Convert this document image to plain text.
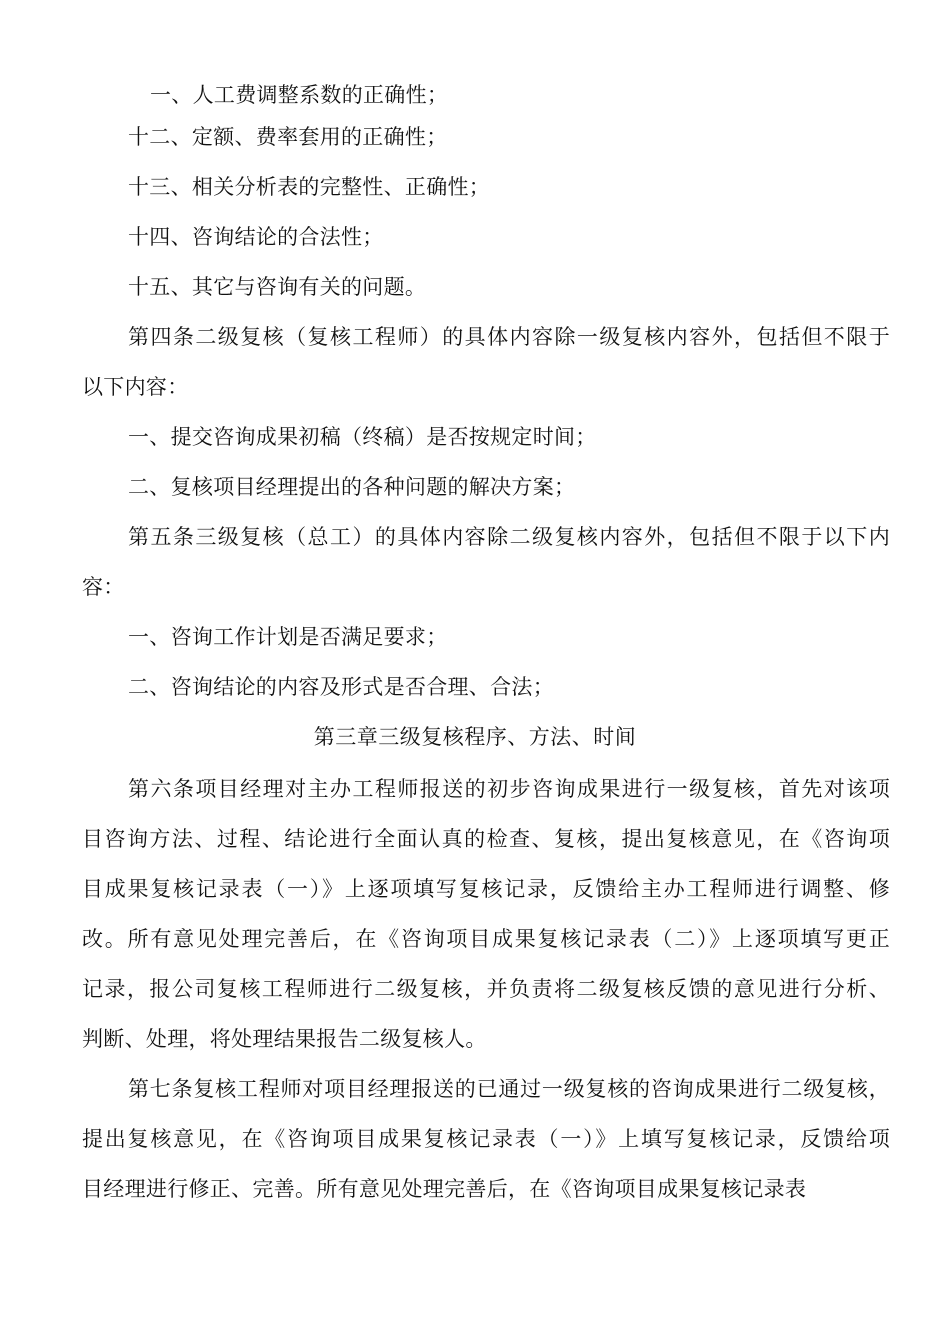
一、人工费调整系数的正确性；
十二、定额、费率套用的正确性；
十三、相关分析表的完整性、正确性；
十四、咨询结论的合法性；
十五、其它与咨询有关的问题。
第四条二级复核（复核工程师）的具体内容除一级复核内容外，包括但不限于
以下内容：
一、提交咨询成果初稿（终稿）是否按规定时间；
二、复核项目经理提出的各种问题的解决方案；
第五条三级复核（总工）的具体内容除二级复核内容外，包括但不限于以下内
容：
一、咨询工作计划是否满足要求；
二、咨询结论的内容及形式是否合理、合法；
第三章三级复核程序、方法、时间
第六条项目经理对主办工程师报送的初步咨询成果进行一级复核，首先对该项
目咨询方法、过程、结论进行全面认真的检查、复核，提出复核意见，在《咨询项
目成果复核记录表（一）》上逐项填写复核记录，反馈给主办工程师进行调整、修
改。所有意见处理完善后，在《咨询项目成果复核记录表（二）》上逐项填写更正
记录，报公司复核工程师进行二级复核，并负责将二级复核反馈的意见进行分析、
判断、处理，将处理结果报告二级复核人。
第七条复核工程师对项目经理报送的已通过一级复核的咨询成果进行二级复核，
提出复核意见，在《咨询项目成果复核记录表（一）》上填写复核记录，反馈给项
目经理进行修正、完善。所有意见处理完善后，在《咨询项目成果复核记录表
